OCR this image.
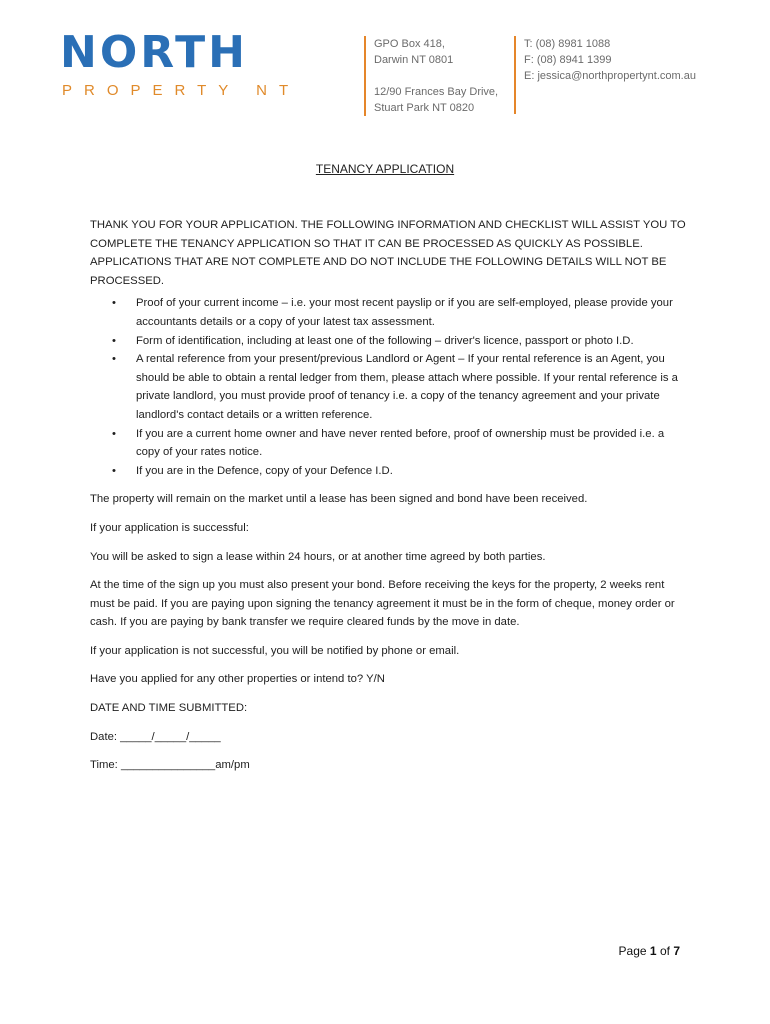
NORTH
PROPERTY NT
GPO Box 418,
Darwin NT 0801
12/90 Frances Bay Drive,
Stuart Park NT 0820
T: (08) 8981 1088
F: (08) 8941 1399
E: jessica@northpropertynt.com.au
TENANCY APPLICATION

THANK YOU FOR YOUR APPLICATION. THE FOLLOWING INFORMATION AND CHECKLIST WILL ASSIST YOU TO COMPLETE THE TENANCY APPLICATION SO THAT IT CAN BE PROCESSED AS QUICKLY AS POSSIBLE. APPLICATIONS THAT ARE NOT COMPLETE AND DO NOT INCLUDE THE FOLLOWING DETAILS WILL NOT BE PROCESSED.

• Proof of your current income – i.e. your most recent payslip or if you are self-employed, please provide your accountants details or a copy of your latest tax assessment.
• Form of identification, including at least one of the following – driver's licence, passport or photo I.D.
• A rental reference from your present/previous Landlord or Agent – If your rental reference is an Agent, you should be able to obtain a rental ledger from them, please attach where possible. If your rental reference is a private landlord, you must provide proof of tenancy i.e. a copy of the tenancy agreement and your private landlord's contact details or a written reference.
• If you are a current home owner and have never rented before, proof of ownership must be provided i.e. a copy of your rates notice.
• If you are in the Defence, copy of your Defence I.D.

The property will remain on the market until a lease has been signed and bond have been received.

If your application is successful:

You will be asked to sign a lease within 24 hours, or at another time agreed by both parties.

At the time of the sign up you must also present your bond. Before receiving the keys for the property, 2 weeks rent must be paid. If you are paying upon signing the tenancy agreement it must be in the form of cheque, money order or cash. If you are paying by bank transfer we require cleared funds by the move in date.

If your application is not successful, you will be notified by phone or email.

Have you applied for any other properties or intend to? Y/N

DATE AND TIME SUBMITTED:

Date: _____/_____/_____

Time: _______________am/pm

Page 1 of 7
